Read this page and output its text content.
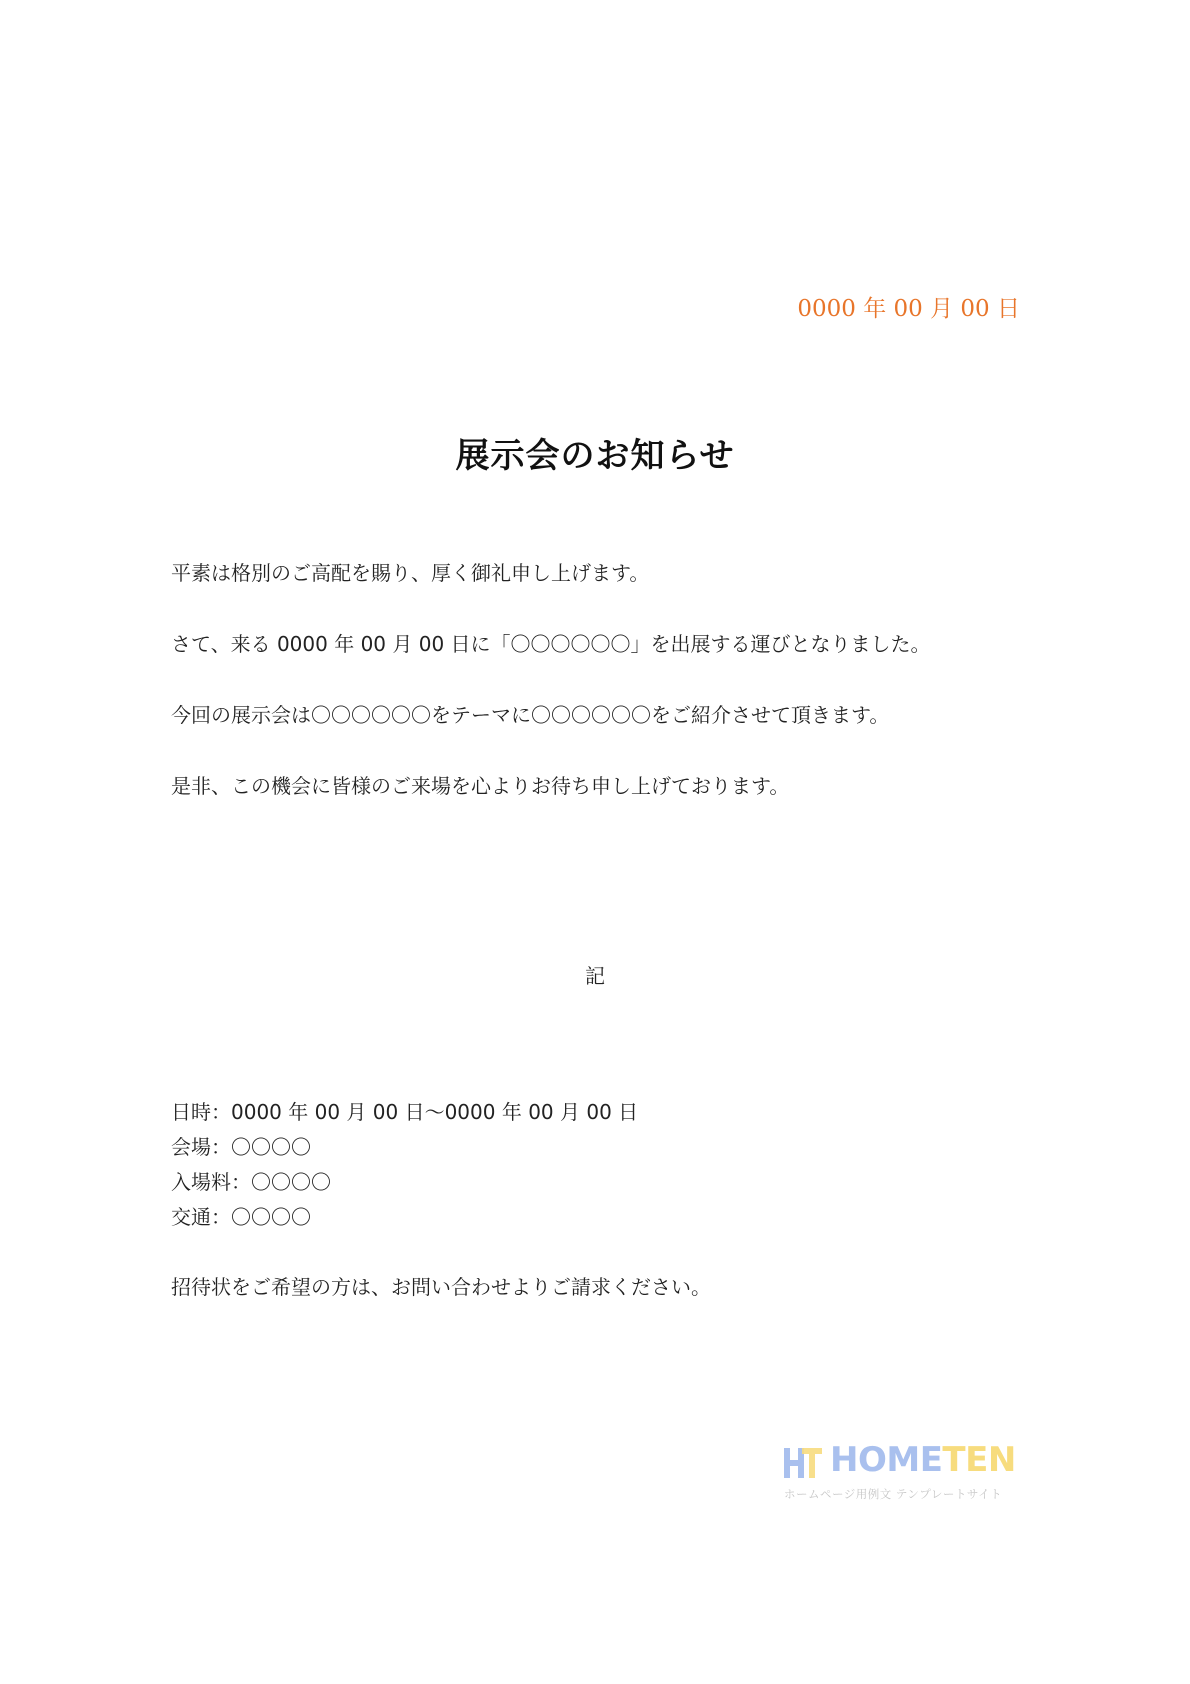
0000 年 00 月 00 日
展示会のお知らせ
平素は格別のご高配を賜り、厚く御礼申し上げます。
さて、来る 0000 年 00 月 00 日に「〇〇〇〇〇〇」を出展する運びとなりました。
今回の展示会は〇〇〇〇〇〇をテーマに〇〇〇〇〇〇をご紹介させて頂きます。
是非、この機会に皆様のご来場を心よりお待ち申し上げております。
記
日時：0000 年 00 月 00 日〜0000 年 00 月 00 日
会場：〇〇〇〇
入場料：〇〇〇〇
交通：〇〇〇〇
招待状をご希望の方は、お問い合わせよりご請求ください。
HOMETEN
ホームページ用例文 テンプレートサイト
